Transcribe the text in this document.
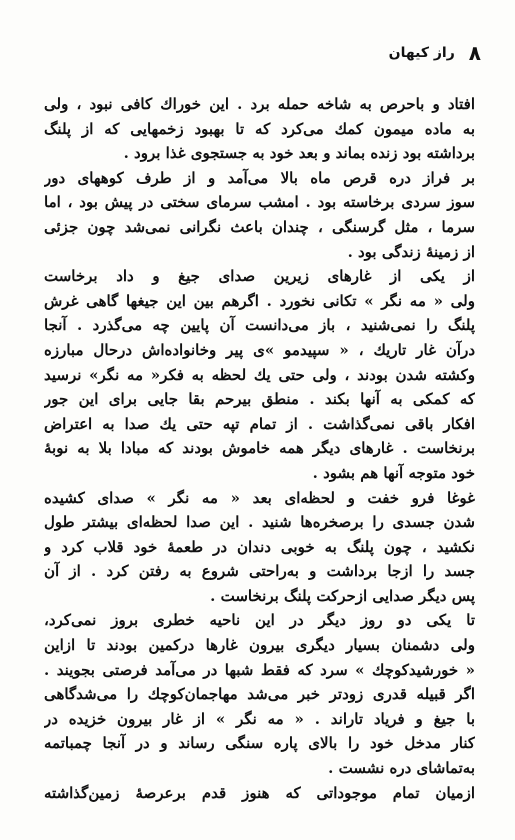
٨
راز کیهان
افتاد و باحرص به شاخه حمله برد . این خوراك كافی نبود ، ولی
به ماده میمون کمك می‌کرد كه تا بهبود زخمهایی كه از پلنگ
برداشته بود زنده بماند و بعد خود به جستجوی غذا برود .
بر فراز دره قرص ماه بالا می‌آمد و از طرف کوههای دور
سوز سردی برخاسته بود . امشب سرمای سختی در پیش بود ، اما
سرما ، مثل گرسنگی ، چندان باعث نگرانی نمی‌شد چون جزئی
از زمینهٔ زندگی بود .
از یکی از غارهای زیرین صدای جیغ و داد برخاست
ولی « مه نگر » تکانی نخورد . اگرهم بین این جیغها گاهی غرش
پلنگ را نمی‌شنید ، باز می‌دانست آن پایین چه می‌گذرد . آنجا
درآن غار تاریك ، « سپیدمو »ی پیر وخانواده‌اش درحال مبارزه
وکشته شدن بودند ، ولی حتی یك لحظه به فکر« مه نگر» نرسید
كه كمكی به آنها بکند . منطق بیرحم بقا جایی برای این جور
افکار باقی نمی‌گذاشت . از تمام تپه حتی یك صدا به اعتراض
برنخاست . غارهای دیگر همه خاموش بودند که مبادا بلا به نوبهٔ
خود متوجه آنها هم بشود .
غوغا فرو خفت و لحظه‌ای بعد « مه نگر » صدای کشیده
شدن جسدی را برصخره‌ها شنید . این صدا لحظه‌ای بیشتر طول
نکشید ، چون پلنگ به خوبی دندان در طعمهٔ خود قلاب کرد و
جسد را ازجا برداشت و به‌راحتی شروع به رفتن کرد . از آن
پس دیگر صدایی ازحرکت پلنگ برنخاست .
تا یکی دو روز دیگر در این ناحیه خطری بروز نمی‌کرد،
ولی دشمنان بسیار دیگری بیرون غارها درکمین بودند تا ازاین
« خورشیدکوچك » سرد که فقط شبها در می‌آمد فرصتی بجویند .
اگر قبیله قدری زودتر خبر می‌شد مهاجمان‌کوچك را می‌شدگاهی
با جیغ و فریاد تاراند . « مه نگر » از غار بیرون خزیده در
کنار مدخل خود را بالای پاره سنگی رساند و در آنجا چمباتمه
به‌تماشای دره نشست .
ازمیان تمام موجوداتی که هنوز قدم برعرصهٔ زمین‌گذاشته
